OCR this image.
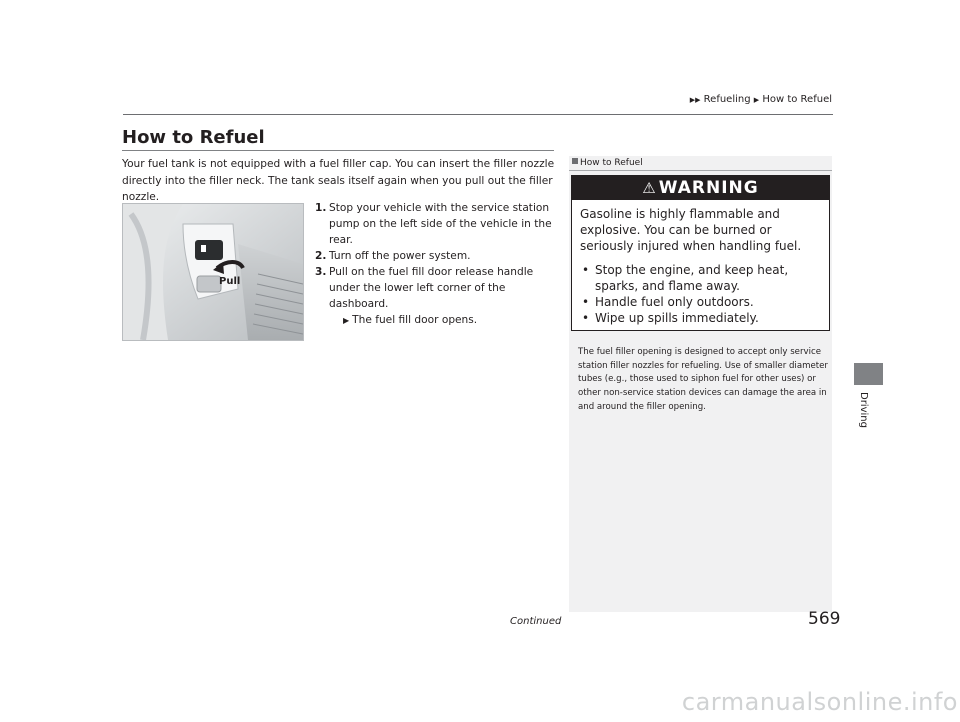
▶▶ Refueling ▶ How to Refuel
How to Refuel

Your fuel tank is not equipped with a fuel filler cap. You can insert the filler nozzle directly into the filler neck. The tank seals itself again when you pull out the filler nozzle.

Pull
1. Stop your vehicle with the service station pump on the left side of the vehicle in the rear.
2. Turn off the power system.
3. Pull on the fuel fill door release handle under the lower left corner of the dashboard.

▶ The fuel fill door opens.

How to Refuel
⚠ WARNING

Gasoline is highly flammable and explosive. You can be burned or seriously injured when handling fuel.

• Stop the engine, and keep heat, sparks, and flame away.
• Handle fuel only outdoors.
• Wipe up spills immediately.

The fuel filler opening is designed to accept only service station filler nozzles for refueling. Use of smaller diameter tubes (e.g., those used to siphon fuel for other uses) or other non-service station devices can damage the area in and around the filler opening.	Driving
Continued	569
carmanualsonline.info
